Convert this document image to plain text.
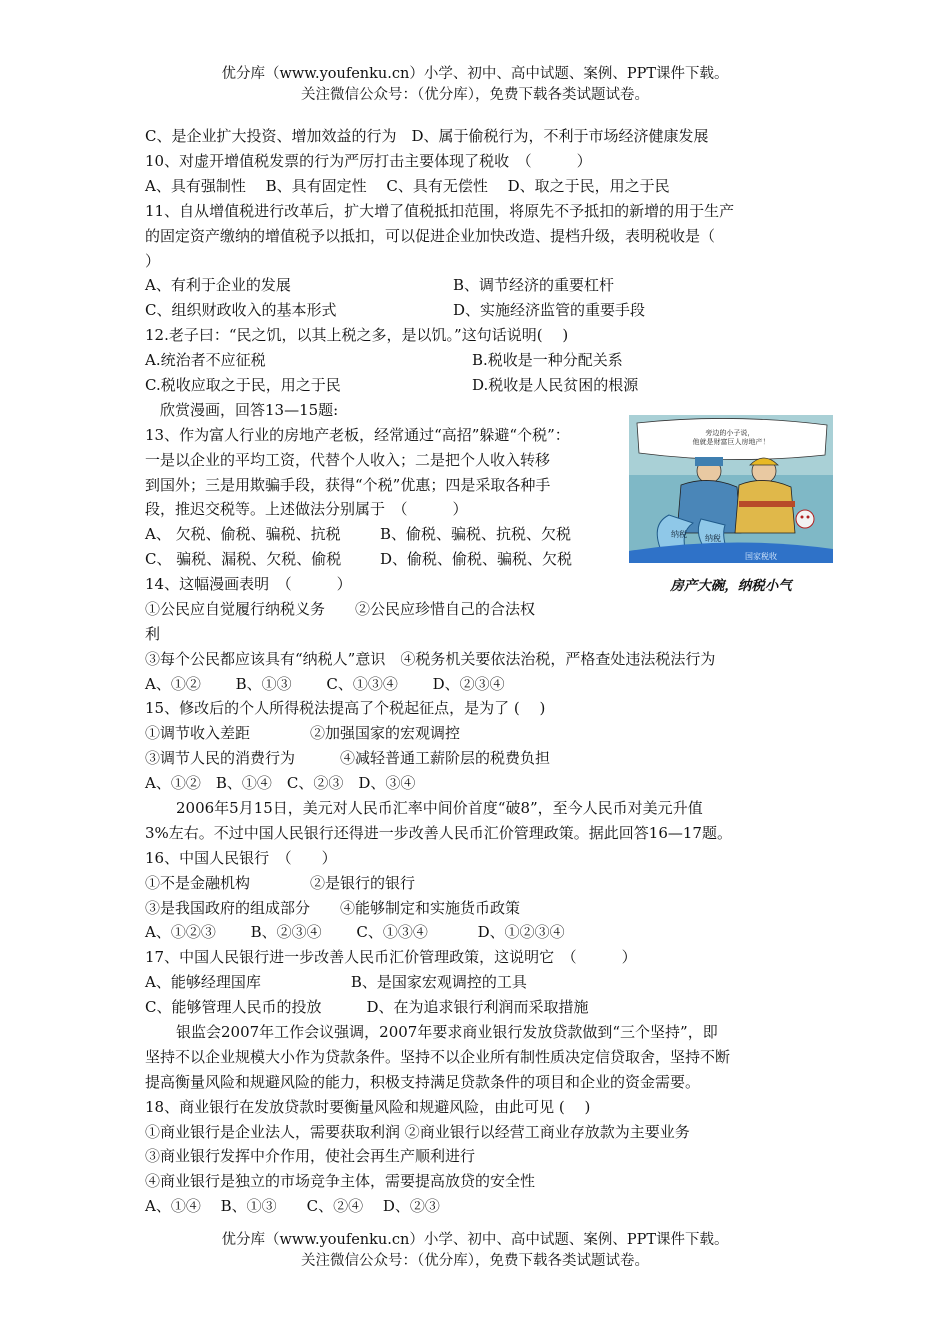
优分库（www.youfenku.cn）小学、初中、高中试题、案例、PPT课件下载。
关注微信公众号：（优分库），免费下载各类试题试卷。
C、是企业扩大投资、增加效益的行为　D、属于偷税行为，不利于市场经济健康发展
10、对虚开增值税发票的行为严厉打击主要体现了税收　（　　　）
A、具有强制性　 B、具有固定性　 C、具有无偿性　 D、取之于民，用之于民
11、自从增值税进行改革后，扩大增了值税抵扣范围，将原先不予抵扣的新增的用于生产
的固定资产缴纳的增值税予以抵扣，可以促进企业加快改造、提档升级，表明税收是（
）
A、有利于企业的发展	B、调节经济的重要杠杆
C、组织财政收入的基本形式	D、实施经济监管的重要手段
12.老子曰：“民之饥，以其上税之多，是以饥。”这句话说明(　 )
A.统治者不应征税	B.税收是一种分配关系
C.税收应取之于民，用之于民	D.税收是人民贫困的根源
　欣赏漫画，回答13—15题:
13、作为富人行业的房地产老板，经常通过“高招”躲避“个税”：
一是以企业的平均工资，代替个人收入；二是把个人收入转移
到国外；三是用欺骗手段，获得“个税”优惠；四是采取各种手
段，推迟交税等。上述做法分别属于　（　　　）
A、 欠税、偷税、骗税、抗税	B、偷税、骗税、抗税、欠税
C、 骗税、漏税、欠税、偷税	D、偷税、偷税、骗税、欠税
14、这幅漫画表明　（　　　）
①公民应自觉履行纳税义务　　②公民应珍惜自己的合法权
利
③每个公民都应该具有“纳税人”意识　④税务机关要依法治税，严格查处违法税法行为
A、①②　　 B、①③　　 C、①③④　　 D、②③④
15、修改后的个人所得税法提高了个税起征点，是为了 (　 )
①调节收入差距　　　　②加强国家的宏观调控
③调节人民的消费行为　　　④减轻普通工薪阶层的税费负担
A、①②　B、①④　C、②③　D、③④
2006年5月15日，美元对人民币汇率中间价首度“破8”，至今人民币对美元升值
3%左右。不过中国人民银行还得进一步改善人民币汇价管理政策。据此回答16—17题。
16、中国人民银行　（　　）
①不是金融机构　　　　②是银行的银行
③是我国政府的组成部分　　④能够制定和实施货币政策
A、①②③　　 B、②③④　　 C、①③④　　　 D、①②③④
17、中国人民银行进一步改善人民币汇价管理政策，这说明它　（　　　）
A、能够经理国库　　　　　　B、是国家宏观调控的工具
C、能够管理人民币的投放　　　D、在为追求银行利润而采取措施
银监会2007年工作会议强调，2007年要求商业银行发放贷款做到“三个坚持”，即
坚持不以企业规模大小作为贷款条件。坚持不以企业所有制性质决定信贷取舍，坚持不断
提高衡量风险和规避风险的能力，积极支持满足贷款条件的项目和企业的资金需要。
18、商业银行在发放贷款时要衡量风险和规避风险，由此可见 (　 )
①商业银行是企业法人，需要获取利润 ②商业银行以经营工商业存放款为主要业务
③商业银行发挥中介作用，使社会再生产顺利进行
④商业银行是独立的市场竞争主体，需要提高放贷的安全性
A、①④　 B、①③　　C、②④　 D、②③
优分库（www.youfenku.cn）小学、初中、高中试题、案例、PPT课件下载。
关注微信公众号：（优分库），免费下载各类试题试卷。
旁边的小子说， 他就是财富巨人房地产！
纳税 纳税
国家税收
房产大碗，纳税小气
